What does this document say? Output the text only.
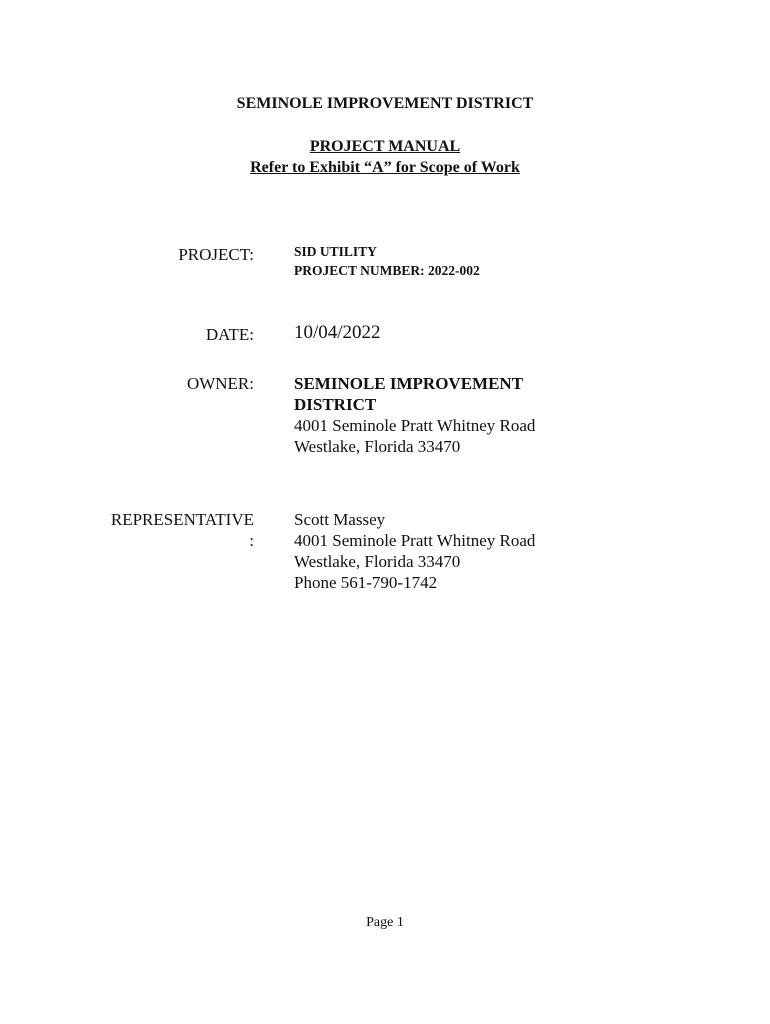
SEMINOLE IMPROVEMENT DISTRICT
PROJECT MANUAL
Refer to Exhibit “A” for Scope of Work
PROJECT:	SID UTILITY
PROJECT NUMBER: 2022-002
DATE: 10/04/2022
OWNER: SEMINOLE IMPROVEMENT
DISTRICT
4001 Seminole Pratt Whitney Road
Westlake, Florida 33470
REPRESENTATIVE
:
Scott Massey
4001 Seminole Pratt Whitney Road
Westlake, Florida 33470
Phone 561-790-1742
Page 1
